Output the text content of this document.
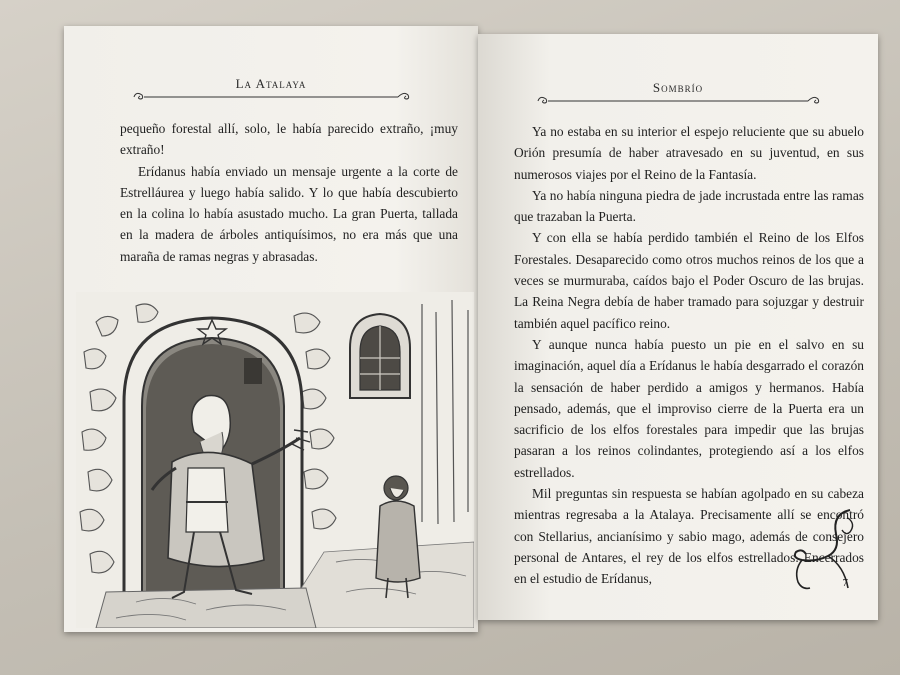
La Atalaya

pequeño forestal allí, solo, le había parecido extraño, ¡muy extraño!

Erídanus había enviado un mensaje urgente a la corte de Estrelláurea y luego había salido. Y lo que había descubierto en la colina lo había asustado mucho. La gran Puerta, tallada en la madera de árboles antiquísimos, no era más que una maraña de ramas negras y abrasadas.

Sombrío

Ya no estaba en su interior el espejo reluciente que su abuelo Orión presumía de haber atravesado en su juventud, en sus numerosos viajes por el Reino de la Fantasía.

Ya no había ninguna piedra de jade incrustada entre las ramas que trazaban la Puerta.

Y con ella se había perdido también el Reino de los Elfos Forestales. Desaparecido como otros muchos reinos de los que a veces se murmuraba, caídos bajo el Poder Oscuro de las brujas. La Reina Negra debía de haber tramado para sojuzgar y destruir también aquel pacífico reino.

Y aunque nunca había puesto un pie en el salvo en su imaginación, aquel día a Erídanus le había desgarrado el corazón la sensación de haber perdido a amigos y hermanos. Había pensado, además, que el improviso cierre de la Puerta era un sacrificio de los elfos forestales para impedir que las brujas pasaran a los reinos colindantes, protegiendo así a los elfos estrellados.

Mil preguntas sin respuesta se habían agolpado en su cabeza mientras regresaba a la Atalaya. Precisamente allí se encontró con Stellarius, ancianísimo y sabio mago, además de consejero personal de Antares, el rey de los elfos estrellados. Encerrados en el estudio de Erídanus,	7
